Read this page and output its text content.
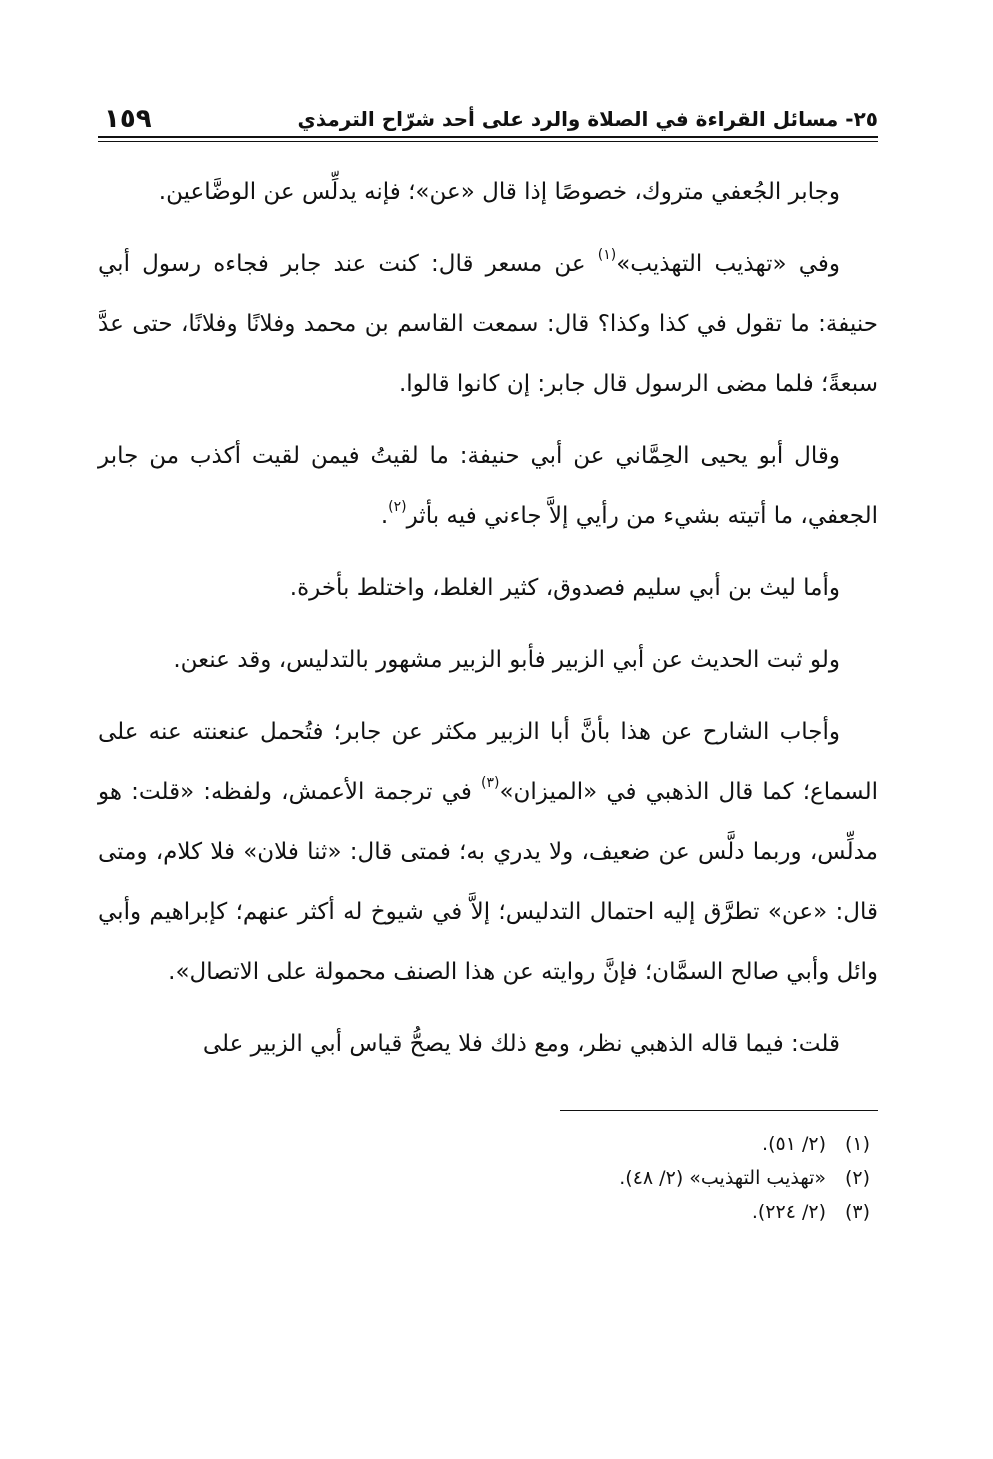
٢٥- مسائل القراءة في الصلاة والرد على أحد شرّاح الترمذي
١٥٩

وجابر الجُعفي متروك، خصوصًا إذا قال «عن»؛ فإنه يدلِّس عن الوضَّاعين.

وفي «تهذيب التهذيب»$^{(١)}$ عن مسعر قال: كنت عند جابر فجاءه رسول أبي حنيفة: ما تقول في كذا وكذا؟ قال: سمعت القاسم بن محمد وفلانًا وفلانًا، حتى عدَّ سبعةً؛ فلما مضى الرسول قال جابر: إن كانوا قالوا.

وقال أبو يحيى الحِمَّاني عن أبي حنيفة: ما لقيتُ فيمن لقيت أكذب من جابر الجعفي، ما أتيته بشيء من رأيي إلاَّ جاءني فيه بأثر$^{(٢)}$.

وأما ليث بن أبي سليم فصدوق، كثير الغلط، واختلط بأخرة.

ولو ثبت الحديث عن أبي الزبير فأبو الزبير مشهور بالتدليس، وقد عنعن.

وأجاب الشارح عن هذا بأنَّ أبا الزبير مكثر عن جابر؛ فتُحمل عنعنته عنه على السماع؛ كما قال الذهبي في «الميزان»$^{(٣)}$ في ترجمة الأعمش، ولفظه: «قلت: هو مدلِّس، وربما دلَّس عن ضعيف، ولا يدري به؛ فمتى قال: «ثنا فلان» فلا كلام، ومتى قال: «عن» تطرَّق إليه احتمال التدليس؛ إلاَّ في شيوخ له أكثر عنهم؛ كإبراهيم وأبي وائل وأبي صالح السمَّان؛ فإنَّ روايته عن هذا الصنف محمولة على الاتصال».

قلت: فيما قاله الذهبي نظر، ومع ذلك فلا يصحُّ قياس أبي الزبير على

(١)
(٢/ ٥١).
(٢)
«تهذيب التهذيب» (٢/ ٤٨).
(٣)
(٢/ ٢٢٤).
